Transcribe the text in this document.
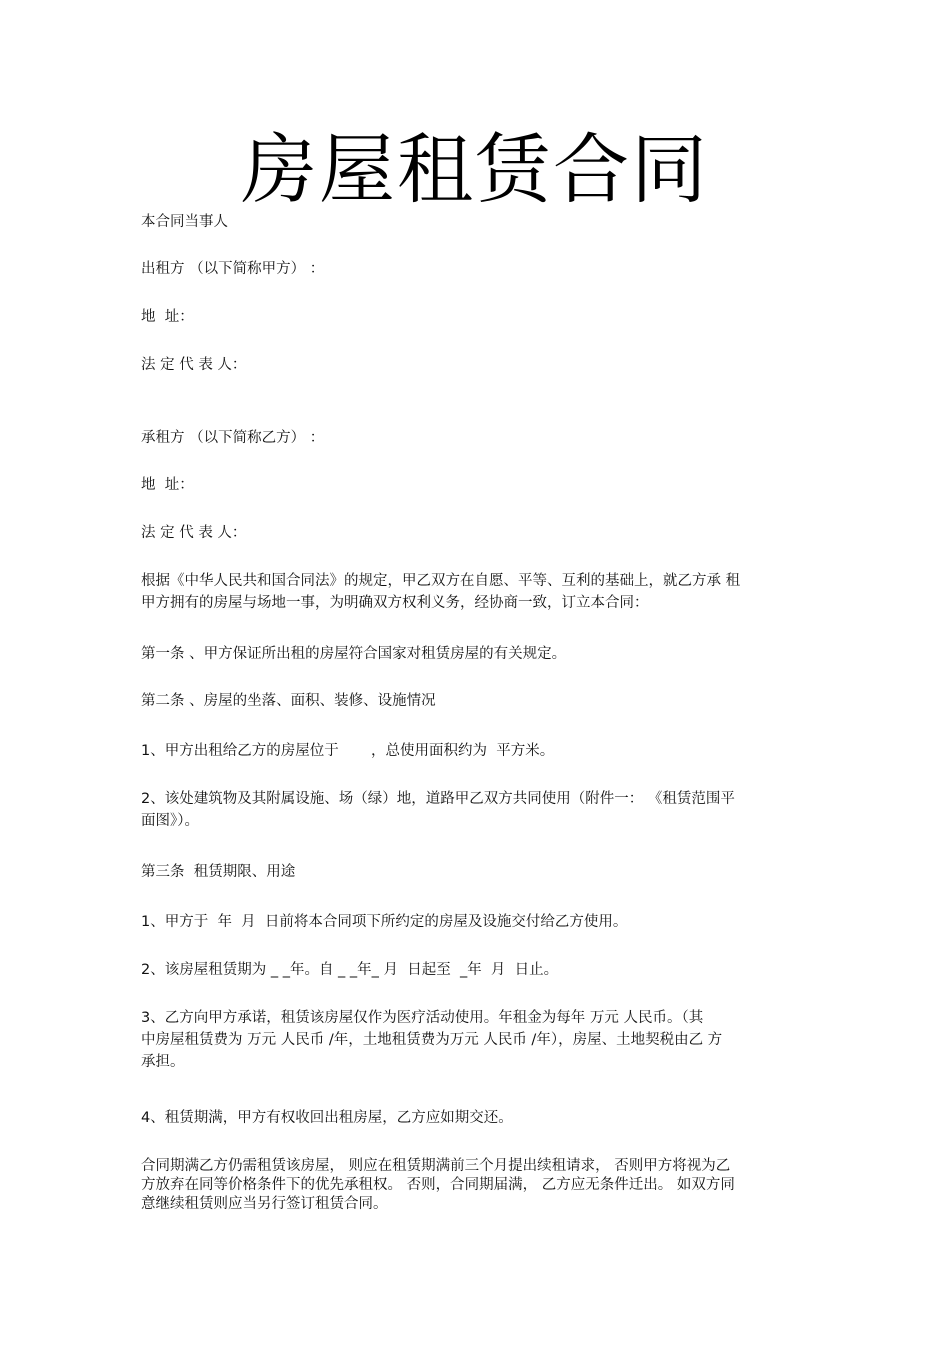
房屋租赁合同
本合同当事人
出租方 （以下简称甲方） ：
地  址：
法 定 代 表 人：
承租方 （以下简称乙方） ：
地  址：
法 定 代 表 人：
根据《中华人民共和国合同法》的规定，甲乙双方在自愿、平等、互利的基础上，就乙方承 租
甲方拥有的房屋与场地一事，为明确双方权利义务，经协商一致，订立本合同：
第一条 、甲方保证所出租的房屋符合国家对租赁房屋的有关规定。
第二条 、房屋的坐落、面积、装修、设施情况
1、甲方出租给乙方的房屋位于       ，总使用面积约为  平方米。
2、该处建筑物及其附属设施、场（绿）地，道路甲乙双方共同使用（附件一： 《租赁范围平
面图》）。
第三条  租赁期限、用途
1、甲方于  年  月  日前将本合同项下所约定的房屋及设施交付给乙方使用。
2、该房屋租赁期为 _ _年。自 _ _年_ 月  日起至  _年  月  日止。
3、乙方向甲方承诺，租赁该房屋仅作为医疗活动使用。年租金为每年 万元 人民币。（其
中房屋租赁费为 万元 人民币 /年，土地租赁费为万元 人民币 /年），房屋、土地契税由乙 方
承担。
4、租赁期满，甲方有权收回出租房屋，乙方应如期交还。
合同期满乙方仍需租赁该房屋， 则应在租赁期满前三个月提出续租请求， 否则甲方将视为乙
方放弃在同等价格条件下的优先承租权。 否则，合同期届满， 乙方应无条件迁出。 如双方同
意继续租赁则应当另行签订租赁合同。
